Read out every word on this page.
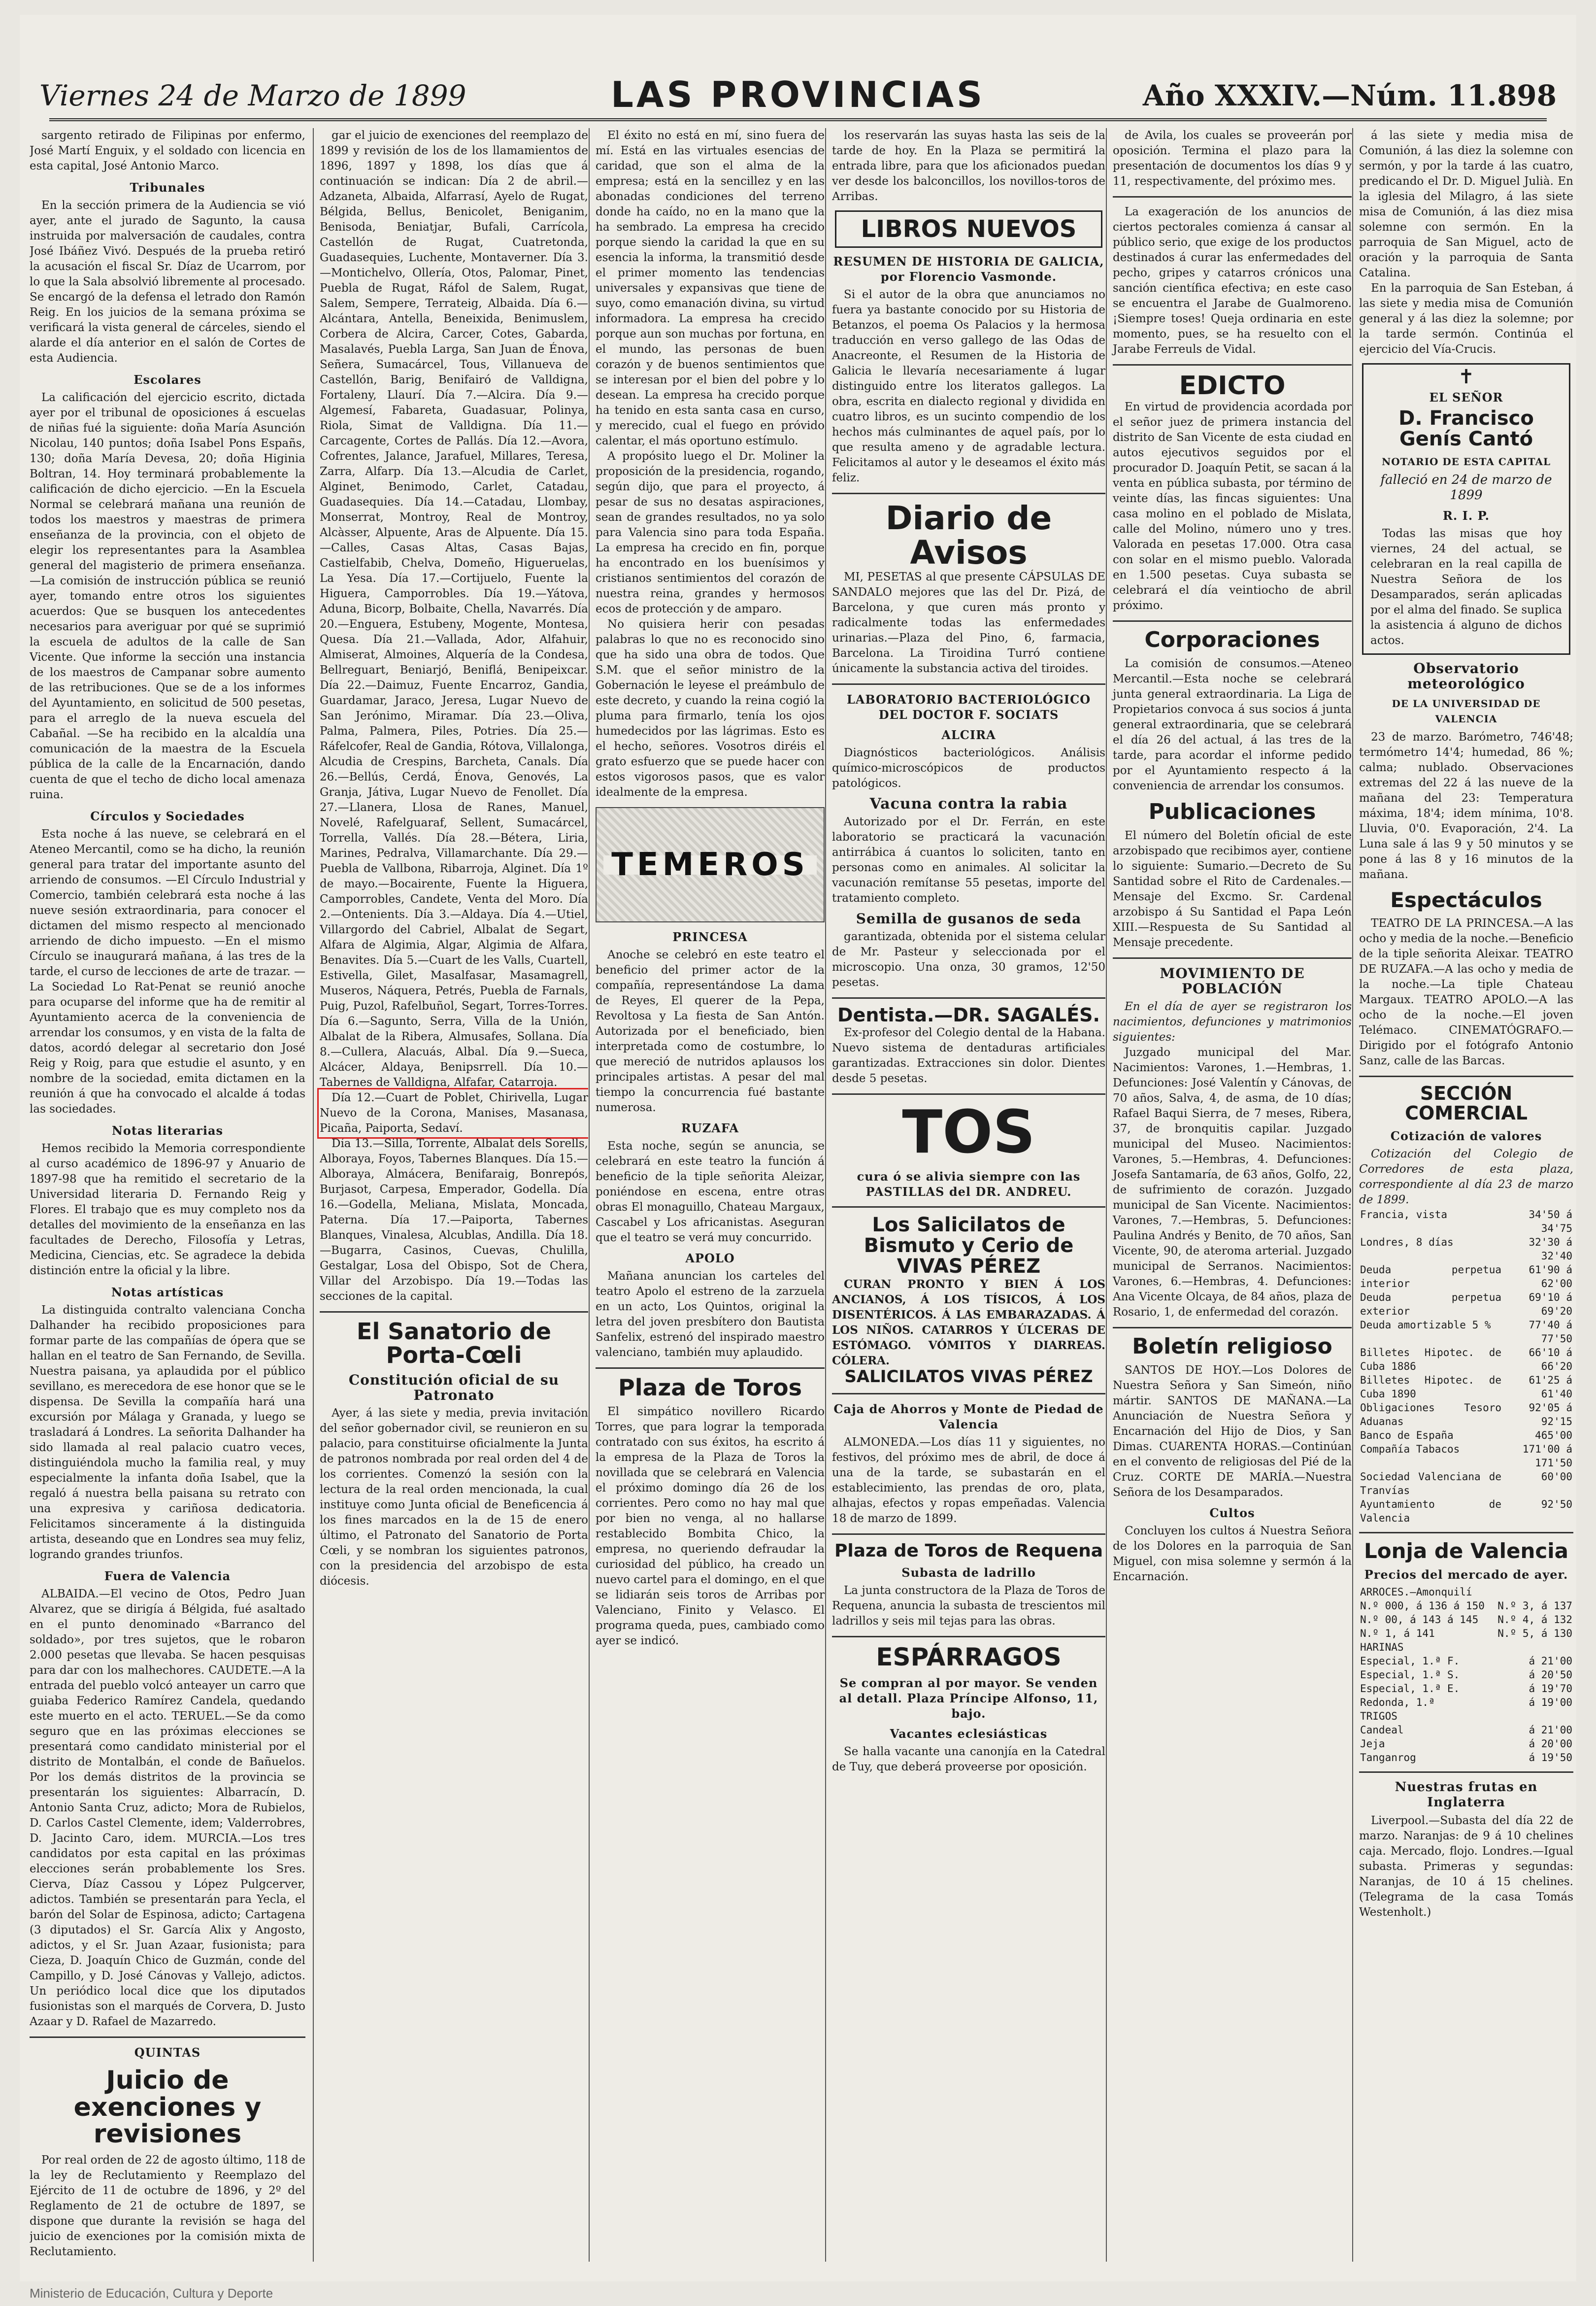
Viernes 24 de Marzo de 1899	LAS PROVINCIAS	Año XXXIV.—Núm. 11.898
sargento retirado de Filipinas por enfermo, José Martí Enguix, y el soldado con licencia en esta capital, José Antonio Marco.
Tribunales
En la sección primera de la Audiencia se vió ayer, ante el jurado de Sagunto, la causa instruida por malversación de caudales, contra José Ibáñez Vivó. Después de la prueba retiró la acusación el fiscal Sr. Díaz de Ucarrom, por lo que la Sala absolvió libremente al procesado. Se encargó de la defensa el letrado don Ramón Reig. En los juicios de la semana próxima se verificará la vista general de cárceles, siendo el alarde el día anterior en el salón de Cortes de esta Audiencia.
Escolares
La calificación del ejercicio escrito, dictada ayer por el tribunal de oposiciones á escuelas de niñas fué la siguiente: doña María Asunción Nicolau, 140 puntos; doña Isabel Pons Españs, 130; doña María Devesa, 20; doña Higinia Boltran, 14. Hoy terminará probablemente la calificación de dicho ejercicio. —En la Escuela Normal se celebrará mañana una reunión de todos los maestros y maestras de primera enseñanza de la provincia, con el objeto de elegir los representantes para la Asamblea general del magisterio de primera enseñanza. —La comisión de instrucción pública se reunió ayer, tomando entre otros los siguientes acuerdos: Que se busquen los antecedentes necesarios para averiguar por qué se suprimió la escuela de adultos de la calle de San Vicente. Que informe la sección una instancia de los maestros de Campanar sobre aumento de las retribuciones. Que se de a los informes del Ayuntamiento, en solicitud de 500 pesetas, para el arreglo de la nueva escuela del Cabañal. —Se ha recibido en la alcaldía una comunicación de la maestra de la Escuela pública de la calle de la Encarnación, dando cuenta de que el techo de dicho local amenaza ruina.
Círculos y Sociedades
Esta noche á las nueve, se celebrará en el Ateneo Mercantil, como se ha dicho, la reunión general para tratar del importante asunto del arriendo de consumos. —El Círculo Industrial y Comercio, también celebrará esta noche á las nueve sesión extraordinaria, para conocer el dictamen del mismo respecto al mencionado arriendo de dicho impuesto. —En el mismo Círculo se inaugurará mañana, á las tres de la tarde, el curso de lecciones de arte de trazar. —La Sociedad Lo Rat-Penat se reunió anoche para ocuparse del informe que ha de remitir al Ayuntamiento acerca de la conveniencia de arrendar los consumos, y en vista de la falta de datos, acordó delegar al secretario don José Reig y Roig, para que estudie el asunto, y en nombre de la sociedad, emita dictamen en la reunión á que ha convocado el alcalde á todas las sociedades.
Notas literarias
Hemos recibido la Memoria correspondiente al curso académico de 1896-97 y Anuario de 1897-98 que ha remitido el secretario de la Universidad literaria D. Fernando Reig y Flores. El trabajo que es muy completo nos da detalles del movimiento de la enseñanza en las facultades de Derecho, Filosofía y Letras, Medicina, Ciencias, etc. Se agradece la debida distinción entre la oficial y la libre.
Notas artísticas
La distinguida contralto valenciana Concha Dalhander ha recibido proposiciones para formar parte de las compañías de ópera que se hallan en el teatro de San Fernando, de Sevilla. Nuestra paisana, ya aplaudida por el público sevillano, es merecedora de ese honor que se le dispensa. De Sevilla la compañía hará una excursión por Málaga y Granada, y luego se trasladará á Londres. La señorita Dalhander ha sido llamada al real palacio cuatro veces, distinguiéndola mucho la familia real, y muy especialmente la infanta doña Isabel, que la regaló á nuestra bella paisana su retrato con una expresiva y cariñosa dedicatoria. Felicitamos sinceramente á la distinguida artista, deseando que en Londres sea muy feliz, logrando grandes triunfos.
Fuera de Valencia
ALBAIDA.—El vecino de Otos, Pedro Juan Alvarez, que se dirigía á Bélgida, fué asaltado en el punto denominado «Barranco del soldado», por tres sujetos, que le robaron 2.000 pesetas que llevaba. Se hacen pesquisas para dar con los malhechores. CAUDETE.—A la entrada del pueblo volcó anteayer un carro que guiaba Federico Ramírez Candela, quedando este muerto en el acto. TERUEL.—Se da como seguro que en las próximas elecciones se presentará como candidato ministerial por el distrito de Montalbán, el conde de Bañuelos. Por los demás distritos de la provincia se presentarán los siguientes: Albarracín, D. Antonio Santa Cruz, adicto; Mora de Rubielos, D. Carlos Castel Clemente, idem; Valderrobres, D. Jacinto Caro, idem. MURCIA.—Los tres candidatos por esta capital en las próximas elecciones serán probablemente los Sres. Cierva, Díaz Cassou y López Pulgcerver, adictos. También se presentarán para Yecla, el barón del Solar de Espinosa, adicto; Cartagena (3 diputados) el Sr. García Alix y Angosto, adictos, y el Sr. Juan Azaar, fusionista; para Cieza, D. Joaquín Chico de Guzmán, conde del Campillo, y D. José Cánovas y Vallejo, adictos. Un periódico local dice que los diputados fusionistas son el marqués de Corvera, D. Justo Azaar y D. Rafael de Mazarredo.
QUINTAS
Juicio de exenciones y revisiones
Por real orden de 22 de agosto último, 118 de la ley de Reclutamiento y Reemplazo del Ejército de 11 de octubre de 1896, y 2º del Reglamento de 21 de octubre de 1897, se dispone que durante la revisión se haga del juicio de exenciones por la comisión mixta de Reclutamiento.
gar el juicio de exenciones del reemplazo de 1899 y revisión de los de los llamamientos de 1896, 1897 y 1898, los días que á continuación se indican: Día 2 de abril.—Adzaneta, Albaida, Alfarrasí, Ayelo de Rugat, Bélgida, Bellus, Benicolet, Beniganim, Benisoda, Beniatjar, Bufali, Carrícola, Castellón de Rugat, Cuatretonda, Guadasequies, Luchente, Montaverner. Día 3.—Montichelvo, Ollería, Otos, Palomar, Pinet, Puebla de Rugat, Ráfol de Salem, Rugat, Salem, Sempere, Terrateig, Albaida. Día 6.—Alcántara, Antella, Beneixida, Benimuslem, Corbera de Alcira, Carcer, Cotes, Gabarda, Masalavés, Puebla Larga, San Juan de Énova, Señera, Sumacárcel, Tous, Villanueva de Castellón, Barig, Benifairó de Valldigna, Fortaleny, Llaurí. Día 7.—Alcira. Día 9.—Algemesí, Fabareta, Guadasuar, Polinya, Riola, Simat de Valldigna. Día 11.—Carcagente, Cortes de Pallás. Día 12.—Avora, Cofrentes, Jalance, Jarafuel, Millares, Teresa, Zarra, Alfarp. Día 13.—Alcudia de Carlet, Alginet, Benimodo, Carlet, Catadau, Guadasequies. Día 14.—Catadau, Llombay, Monserrat, Montroy, Real de Montroy, Alcàsser, Alpuente, Aras de Alpuente. Día 15.—Calles, Casas Altas, Casas Bajas, Castielfabib, Chelva, Domeño, Higueruelas, La Yesa. Día 17.—Cortijuelo, Fuente la Higuera, Camporrobles. Día 19.—Yátova, Aduna, Bicorp, Bolbaite, Chella, Navarrés. Día 20.—Enguera, Estubeny, Mogente, Montesa, Quesa. Día 21.—Vallada, Ador, Alfahuir, Almiserat, Almoines, Alquería de la Condesa, Bellreguart, Beniarjó, Beniflá, Benipeixcar. Día 22.—Daimuz, Fuente Encarroz, Gandia, Guardamar, Jaraco, Jeresa, Lugar Nuevo de San Jerónimo, Miramar. Día 23.—Oliva, Palma, Palmera, Piles, Potries. Día 25.—Ráfelcofer, Real de Gandia, Rótova, Villalonga, Alcudia de Crespins, Barcheta, Canals. Día 26.—Bellús, Cerdá, Énova, Genovés, La Granja, Játiva, Lugar Nuevo de Fenollet. Día 27.—Llanera, Llosa de Ranes, Manuel, Novelé, Rafelguaraf, Sellent, Sumacárcel, Torrella, Vallés. Día 28.—Bétera, Liria, Marines, Pedralva, Villamarchante. Día 29.—Puebla de Vallbona, Ribarroja, Alginet. Día 1º de mayo.—Bocairente, Fuente la Higuera, Camporrobles, Candete, Venta del Moro. Día 2.—Ontenients. Día 3.—Aldaya. Día 4.—Utiel, Villargordo del Cabriel, Albalat de Segart, Alfara de Algimia, Algar, Algimia de Alfara, Benavites. Día 5.—Cuart de les Valls, Cuartell, Estivella, Gilet, Masalfasar, Masamagrell, Museros, Náquera, Petrés, Puebla de Farnals, Puig, Puzol, Rafelbuñol, Segart, Torres-Torres. Día 6.—Sagunto, Serra, Villa de la Unión, Albalat de la Ribera, Almusafes, Sollana. Día 8.—Cullera, Alacuás, Albal. Día 9.—Sueca, Alcácer, Aldaya, Benipsrrell. Día 10.—Tabernes de Valldigna, Alfafar, Catarroja.
Día 12.—Cuart de Poblet, Chirivella, Lugar Nuevo de la Corona, Manises, Masanasa, Picaña, Paiporta, Sedaví.
Día 13.—Silla, Torrente, Albalat dels Sorells, Alboraya, Foyos, Tabernes Blanques. Día 15.—Alboraya, Almácera, Benifaraig, Bonrepós, Burjasot, Carpesa, Emperador, Godella. Día 16.—Godella, Meliana, Mislata, Moncada, Paterna. Día 17.—Paiporta, Tabernes Blanques, Vinalesa, Alcublas, Andilla. Día 18.—Bugarra, Casinos, Cuevas, Chulilla, Gestalgar, Losa del Obispo, Sot de Chera, Villar del Arzobispo. Día 19.—Todas las secciones de la capital.
El Sanatorio de Porta-Cœli
Constitución oficial de su Patronato
Ayer, á las siete y media, previa invitación del señor gobernador civil, se reunieron en su palacio, para constituirse oficialmente la Junta de patronos nombrada por real orden del 4 de los corrientes. Comenzó la sesión con la lectura de la real orden mencionada, la cual instituye como Junta oficial de Beneficencia á los fines marcados en la de 15 de enero último, el Patronato del Sanatorio de Porta Cœli, y se nombran los siguientes patronos, con la presidencia del arzobispo de esta diócesis.
El éxito no está en mí, sino fuera de mí. Está en las virtuales esencias de caridad, que son el alma de la empresa; está en la sencillez y en las abonadas condiciones del terreno donde ha caído, no en la mano que la ha sembrado. La empresa ha crecido porque siendo la caridad la que en su esencia la informa, la transmitió desde el primer momento las tendencias universales y expansivas que tiene de suyo, como emanación divina, su virtud informadora. La empresa ha crecido porque aun son muchas por fortuna, en el mundo, las personas de buen corazón y de buenos sentimientos que se interesan por el bien del pobre y lo desean. La empresa ha crecido porque ha tenido en esta santa casa en curso, y merecido, cual el fuego en próvido calentar, el más oportuno estímulo.
A propósito luego el Dr. Moliner la proposición de la presidencia, rogando, según dijo, que para el proyecto, á pesar de sus no desatas aspiraciones, sean de grandes resultados, no ya solo para Valencia sino para toda España. La empresa ha crecido en fin, porque ha encontrado en los buenísimos y cristianos sentimientos del corazón de nuestra reina, grandes y hermosos ecos de protección y de amparo.
No quisiera herir con pesadas palabras lo que no es reconocido sino que ha sido una obra de todos. Que S.M. que el señor ministro de la Gobernación le leyese el preámbulo de este decreto, y cuando la reina cogió la pluma para firmarlo, tenía los ojos humedecidos por las lágrimas. Esto es el hecho, señores. Vosotros diréis el grato esfuerzo que se puede hacer con estos vigorosos pasos, que es valor idealmente de la empresa.
TEMEROS
PRINCESA
Anoche se celebró en este teatro el beneficio del primer actor de la compañía, representándose La dama de Reyes, El querer de la Pepa, Revoltosa y La fiesta de San Antón. Autorizada por el beneficiado, bien interpretada como de costumbre, lo que mereció de nutridos aplausos los principales artistas. A pesar del mal tiempo la concurrencia fué bastante numerosa.
RUZAFA
Esta noche, según se anuncia, se celebrará en este teatro la función á beneficio de la tiple señorita Aleizar, poniéndose en escena, entre otras obras El monaguillo, Chateau Margaux, Cascabel y Los africanistas. Aseguran que el teatro se verá muy concurrido.
APOLO
Mañana anuncian los carteles del teatro Apolo el estreno de la zarzuela en un acto, Los Quintos, original la letra del joven presbítero don Bautista Sanfelix, estrenó del inspirado maestro valenciano, también muy aplaudido.
Plaza de Toros
El simpático novillero Ricardo Torres, que para lograr la temporada contratado con sus éxitos, ha escrito á la empresa de la Plaza de Toros la novillada que se celebrará en Valencia el próximo domingo día 26 de los corrientes. Pero como no hay mal que por bien no venga, al no hallarse restablecido Bombita Chico, la empresa, no queriendo defraudar la curiosidad del público, ha creado un nuevo cartel para el domingo, en el que se lidiarán seis toros de Arribas por Valenciano, Finito y Velasco. El programa queda, pues, cambiado como ayer se indicó.
los reservarán las suyas hasta las seis de la tarde de hoy. En la Plaza se permitirá la entrada libre, para que los aficionados puedan ver desde los balconcillos, los novillos-toros de Arribas.
LIBROS NUEVOS
RESUMEN DE HISTORIA DE GALICIA, por Florencio Vasmonde.
Si el autor de la obra que anunciamos no fuera ya bastante conocido por su Historia de Betanzos, el poema Os Palacios y la hermosa traducción en verso gallego de las Odas de Anacreonte, el Resumen de la Historia de Galicia le llevaría necesariamente á lugar distinguido entre los literatos gallegos. La obra, escrita en dialecto regional y dividida en cuatro libros, es un sucinto compendio de los hechos más culminantes de aquel país, por lo que resulta ameno y de agradable lectura. Felicitamos al autor y le deseamos el éxito más feliz.
Diario de Avisos
MI, PESETAS al que presente CÁPSULAS DE SANDALO mejores que las del Dr. Pizá, de Barcelona, y que curen más pronto y radicalmente todas las enfermedades urinarias.—Plaza del Pino, 6, farmacia, Barcelona. La Tiroidina Turró contiene únicamente la substancia activa del tiroides.
LABORATORIO BACTERIOLÓGICO DEL DOCTOR F. SOCIATS
ALCIRA
Diagnósticos bacteriológicos. Análisis químico-microscópicos de productos patológicos.
Vacuna contra la rabia
Autorizado por el Dr. Ferrán, en este laboratorio se practicará la vacunación antirrábica á cuantos lo soliciten, tanto en personas como en animales. Al solicitar la vacunación remítanse 55 pesetas, importe del tratamiento completo.
Semilla de gusanos de seda
garantizada, obtenida por el sistema celular de Mr. Pasteur y seleccionada por el microscopio. Una onza, 30 gramos, 12'50 pesetas.
Dentista.—DR. SAGALÉS.
Ex-profesor del Colegio dental de la Habana. Nuevo sistema de dentaduras artificiales garantizadas. Extracciones sin dolor. Dientes desde 5 pesetas.
TOS
cura ó se alivia siempre con las PASTILLAS del DR. ANDREU.
Los Salicilatos de Bismuto y Cerio de VIVAS PÉREZ
CURAN PRONTO Y BIEN Á LOS ANCIANOS, Á LOS TÍSICOS, Á LOS DISENTÉRICOS. Á LAS EMBARAZADAS. Á LOS NIÑOS. CATARROS Y ÚLCERAS DE ESTÓMAGO. VÓMITOS Y DIARREAS. CÓLERA.
SALICILATOS VIVAS PÉREZ
Caja de Ahorros y Monte de Piedad de Valencia
ALMONEDA.—Los días 11 y siguientes, no festivos, del próximo mes de abril, de doce á una de la tarde, se subastarán en el establecimiento, las prendas de oro, plata, alhajas, efectos y ropas empeñadas. Valencia 18 de marzo de 1899.
Plaza de Toros de Requena
Subasta de ladrillo
La junta constructora de la Plaza de Toros de Requena, anuncia la subasta de trescientos mil ladrillos y seis mil tejas para las obras.
ESPÁRRAGOS
Se compran al por mayor. Se venden al detall. Plaza Príncipe Alfonso, 11, bajo.
Vacantes eclesiásticas
Se halla vacante una canonjía en la Catedral de Tuy, que deberá proveerse por oposición.
de Avila, los cuales se proveerán por oposición. Termina el plazo para la presentación de documentos los días 9 y 11, respectivamente, del próximo mes.
La exageración de los anuncios de ciertos pectorales comienza á cansar al público serio, que exige de los productos destinados á curar las enfermedades del pecho, gripes y catarros crónicos una sanción científica efectiva; en este caso se encuentra el Jarabe de Gualmoreno. ¡Siempre toses! Queja ordinaria en este momento, pues, se ha resuelto con el Jarabe Ferreuls de Vidal.
EDICTO
En virtud de providencia acordada por el señor juez de primera instancia del distrito de San Vicente de esta ciudad en autos ejecutivos seguidos por el procurador D. Joaquín Petit, se sacan á la venta en pública subasta, por término de veinte días, las fincas siguientes: Una casa molino en el poblado de Mislata, calle del Molino, número uno y tres. Valorada en pesetas 17.000. Otra casa con solar en el mismo pueblo. Valorada en 1.500 pesetas. Cuya subasta se celebrará el día veintiocho de abril próximo.
Corporaciones
La comisión de consumos.—Ateneo Mercantil.—Esta noche se celebrará junta general extraordinaria. La Liga de Propietarios convoca á sus socios á junta general extraordinaria, que se celebrará el día 26 del actual, á las tres de la tarde, para acordar el informe pedido por el Ayuntamiento respecto á la conveniencia de arrendar los consumos.
Publicaciones
El número del Boletín oficial de este arzobispado que recibimos ayer, contiene lo siguiente: Sumario.—Decreto de Su Santidad sobre el Rito de Cardenales.—Mensaje del Excmo. Sr. Cardenal arzobispo á Su Santidad el Papa León XIII.—Respuesta de Su Santidad al Mensaje precedente.
MOVIMIENTO DE POBLACIÓN
En el día de ayer se registraron los nacimientos, defunciones y matrimonios siguientes:
Juzgado municipal del Mar. Nacimientos: Varones, 1.—Hembras, 1. Defunciones: José Valentín y Cánovas, de 70 años, Salva, 4, de asma, de 10 días; Rafael Baqui Sierra, de 7 meses, Ribera, 37, de bronquitis capilar. Juzgado municipal del Museo. Nacimientos: Varones, 5.—Hembras, 4. Defunciones: Josefa Santamaría, de 63 años, Golfo, 22, de sufrimiento de corazón. Juzgado municipal de San Vicente. Nacimientos: Varones, 7.—Hembras, 5. Defunciones: Paulina Andrés y Benito, de 70 años, San Vicente, 90, de ateroma arterial. Juzgado municipal de Serranos. Nacimientos: Varones, 6.—Hembras, 4. Defunciones: Ana Vicente Olcaya, de 84 años, plaza de Rosario, 1, de enfermedad del corazón.
Boletín religioso
SANTOS DE HOY.—Los Dolores de Nuestra Señora y San Simeón, niño mártir. SANTOS DE MAÑANA.—La Anunciación de Nuestra Señora y Encarnación del Hijo de Dios, y San Dimas. CUARENTA HORAS.—Continúan en el convento de religiosas del Pié de la Cruz. CORTE DE MARÍA.—Nuestra Señora de los Desamparados.
Cultos
Concluyen los cultos á Nuestra Señora de los Dolores en la parroquia de San Miguel, con misa solemne y sermón á la Encarnación.
á las siete y media misa de Comunión, á las diez la solemne con sermón, y por la tarde á las cuatro, predicando el Dr. D. Miguel Julià. En la iglesia del Milagro, á las siete misa de Comunión, á las diez misa solemne con sermón. En la parroquia de San Miguel, acto de oración y la parroquia de Santa Catalina.
En la parroquia de San Esteban, á las siete y media misa de Comunión general y á las diez la solemne; por la tarde sermón. Continúa el ejercicio del Vía-Crucis.
✝
EL SEÑOR
D. Francisco Genís Cantó
NOTARIO DE ESTA CAPITAL
falleció en 24 de marzo de 1899
R. I. P.
Todas las misas que hoy viernes, 24 del actual, se celebraran en la real capilla de Nuestra Señora de los Desamparados, serán aplicadas por el alma del finado. Se suplica la asistencia á alguno de dichos actos.
Observatorio meteorológico
DE LA UNIVERSIDAD DE VALENCIA
23 de marzo. Barómetro, 746'48; termómetro 14'4; humedad, 86 %; calma; nublado. Observaciones extremas del 22 á las nueve de la mañana del 23: Temperatura máxima, 18'4; idem mínima, 10'8. Lluvia, 0'0. Evaporación, 2'4. La Luna sale á las 9 y 50 minutos y se pone á las 8 y 16 minutos de la mañana.
Espectáculos
TEATRO DE LA PRINCESA.—A las ocho y media de la noche.—Beneficio de la tiple señorita Aleixar. TEATRO DE RUZAFA.—A las ocho y media de la noche.—La tiple Chateau Margaux. TEATRO APOLO.—A las ocho de la noche.—El joven Telémaco. CINEMATÓGRAFO.—Dirigido por el fotógrafo Antonio Sanz, calle de las Barcas.
SECCIÓN COMERCIAL
Cotización de valores
Cotización del Colegio de Corredores de esta plaza, correspondiente al día 23 de marzo de 1899.
Francia, vista	34'50 á 34'75
Londres, 8 días	32'30 á 32'40
Deuda perpetua interior	61'90 á 62'00
Deuda perpetua exterior	69'10 á 69'20
Deuda amortizable 5 %	77'40 á 77'50
Billetes Hipotec. de Cuba 1886	66'10 á 66'20
Billetes Hipotec. de Cuba 1890	61'25 á 61'40
Obligaciones Tesoro Aduanas	92'05 á 92'15
Banco de España	465'00
Compañía Tabacos	171'00 á 171'50
Sociedad Valenciana de Tranvías	60'00
Ayuntamiento de Valencia	92'50
Lonja de Valencia
Precios del mercado de ayer.
ARROCES.—Amonquilí	
N.º 000, á 136 á 150	N.º 3, á 137
N.º 00, á 143 á 145	N.º 4, á 132
N.º 1, á 141	N.º 5, á 130
HARINAS	
Especial, 1.ª F.	á 21'00
Especial, 1.ª S.	á 20'50
Especial, 1.ª E.	á 19'70
Redonda, 1.ª	á 19'00
TRIGOS	
Candeal	á 21'00
Jeja	á 20'00
Tanganrog	á 19'50
Nuestras frutas en Inglaterra
Liverpool.—Subasta del día 22 de marzo. Naranjas: de 9 á 10 chelines caja. Mercado, flojo. Londres.—Igual subasta. Primeras y segundas: Naranjas, de 10 á 15 chelines. (Telegrama de la casa Tomás Westenholt.)
Ministerio de Educación, Cultura y Deporte
